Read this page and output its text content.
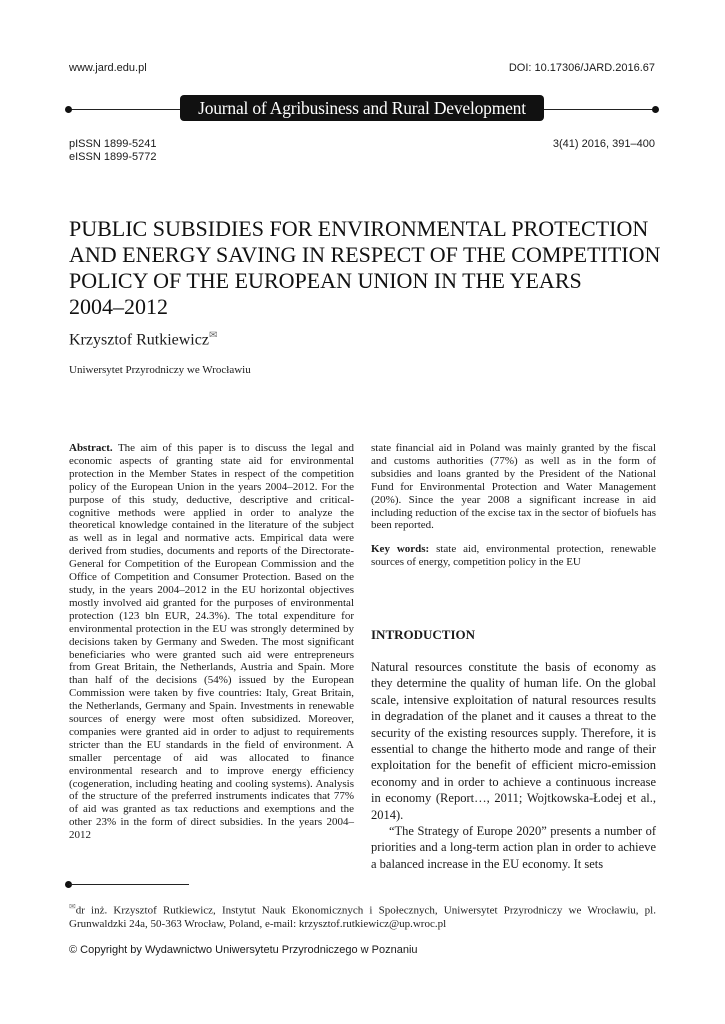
www.jard.edu.pl	DOI: 10.17306/JARD.2016.67
Journal of Agribusiness and Rural Development
pISSN 1899-5241
eISSN 1899-5772
3(41) 2016, 391–400
PUBLIC SUBSIDIES FOR ENVIRONMENTAL PROTECTION
AND ENERGY SAVING IN RESPECT OF THE COMPETITION
POLICY OF THE EUROPEAN UNION IN THE YEARS
2004–2012
Krzysztof Rutkiewicz✉
Uniwersytet Przyrodniczy we Wrocławiu

Abstract. The aim of this paper is to discuss the legal and economic aspects of granting state aid for environmental protection in the Member States in respect of the competition policy of the European Union in the years 2004–2012. For the purpose of this study, deductive, descriptive and critical-cognitive methods were applied in order to analyze the theoretical knowledge contained in the literature of the subject as well as in legal and normative acts. Empirical data were derived from studies, documents and reports of the Directorate-General for Competition of the European Commission and the Office of Competition and Consumer Protection. Based on the study, in the years 2004–2012 in the EU horizontal objectives mostly involved aid granted for the purposes of environmental protection (123 bln EUR, 24.3%). The total expenditure for environmental protection in the EU was strongly determined by decisions taken by Germany and Sweden. The most significant beneficiaries who were granted such aid were entrepreneurs from Great Britain, the Netherlands, Austria and Spain. More than half of the decisions (54%) issued by the European Commission were taken by five countries: Italy, Great Britain, the Netherlands, Germany and Spain. Investments in renewable sources of energy were most often subsidized. Moreover, companies were granted aid in order to adjust to requirements stricter than the EU standards in the field of environment. A smaller percentage of aid was allocated to finance environmental research and to improve energy efficiency (cogeneration, including heating and cooling systems). Analysis of the structure of the preferred instruments indicates that 77% of aid was granted as tax reductions and exemptions and the other 23% in the form of direct subsidies. In the years 2004–2012

state financial aid in Poland was mainly granted by the fiscal and customs authorities (77%) as well as in the form of subsidies and loans granted by the President of the National Fund for Environmental Protection and Water Management (20%). Since the year 2008 a significant increase in aid including reduction of the excise tax in the sector of biofuels has been reported.

Key words: state aid, environmental protection, renewable sources of energy, competition policy in the EU

INTRODUCTION

Natural resources constitute the basis of economy as they determine the quality of human life. On the global scale, intensive exploitation of natural resources results in degradation of the planet and it causes a threat to the security of the existing resources supply. Therefore, it is essential to change the hitherto mode and range of their exploitation for the benefit of efficient micro-emission economy and in order to achieve a continuous increase in economy (Report…, 2011; Wojtkowska-Łodej et al., 2014).

“The Strategy of Europe 2020” presents a number of priorities and a long-term action plan in order to achieve a balanced increase in the EU economy. It sets

✉dr inż. Krzysztof Rutkiewicz, Instytut Nauk Ekonomicznych i Społecznych, Uniwersytet Przyrodniczy we Wrocławiu, pl. Grunwaldzki 24a, 50-363 Wrocław, Poland, e-mail: krzysztof.rutkiewicz@up.wroc.pl
© Copyright by Wydawnictwo Uniwersytetu Przyrodniczego w Poznaniu
